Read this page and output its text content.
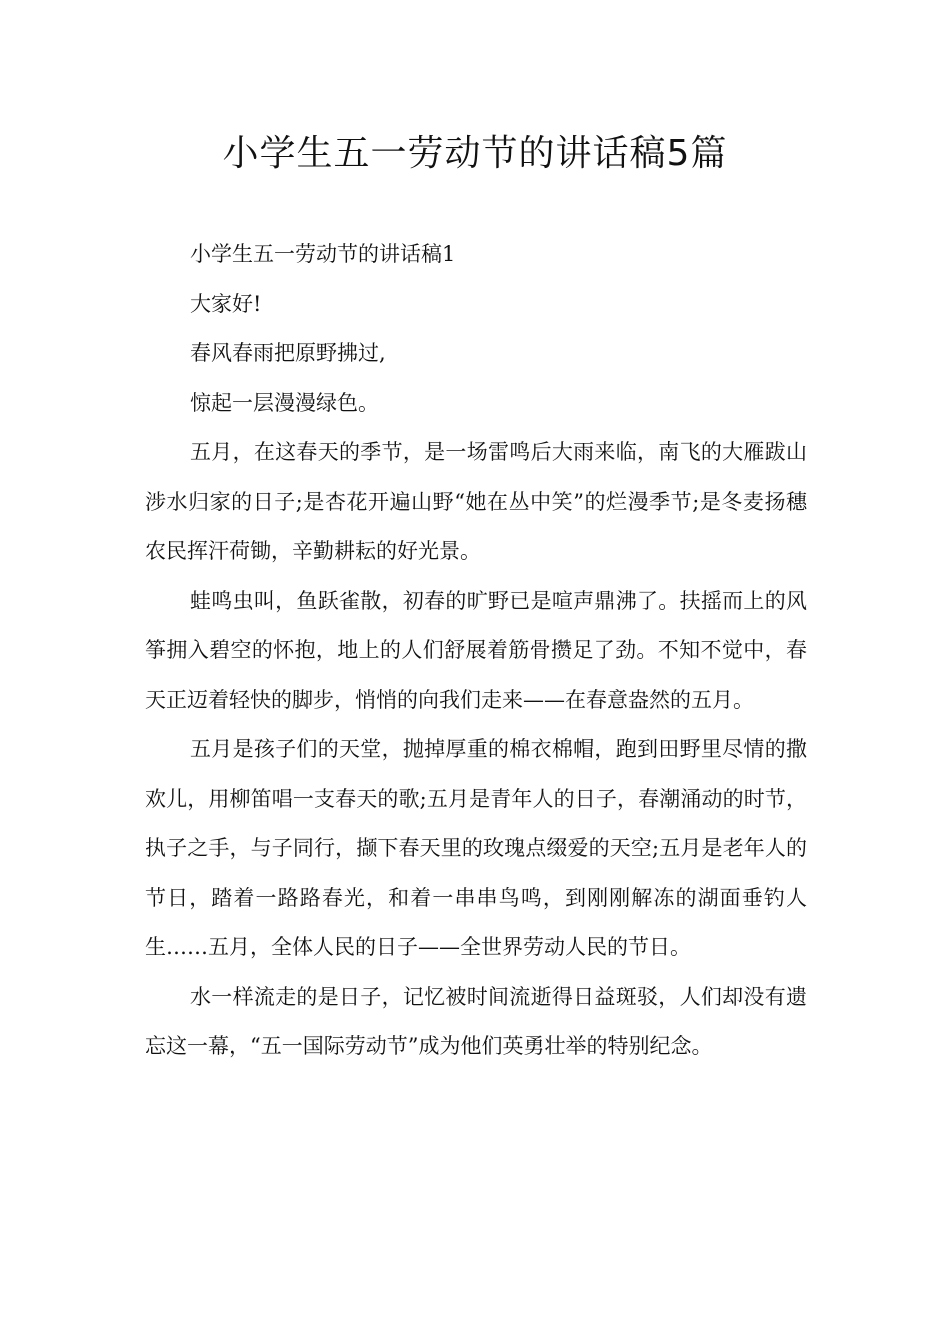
小学生五一劳动节的讲话稿5篇

小学生五一劳动节的讲话稿1

大家好!

春风春雨把原野拂过,

惊起一层漫漫绿色。

五月，在这春天的季节，是一场雷鸣后大雨来临，南飞的大雁跋山涉水归家的日子;是杏花开遍山野“她在丛中笑”的烂漫季节;是冬麦扬穗农民挥汗荷锄，辛勤耕耘的好光景。

蛙鸣虫叫，鱼跃雀散，初春的旷野已是喧声鼎沸了。扶摇而上的风筝拥入碧空的怀抱，地上的人们舒展着筋骨攒足了劲。不知不觉中，春天正迈着轻快的脚步，悄悄的向我们走来——在春意盎然的五月。

五月是孩子们的天堂，抛掉厚重的棉衣棉帽，跑到田野里尽情的撒欢儿，用柳笛唱一支春天的歌;五月是青年人的日子，春潮涌动的时节，执子之手，与子同行，撷下春天里的玫瑰点缀爱的天空;五月是老年人的节日，踏着一路路春光，和着一串串鸟鸣，到刚刚解冻的湖面垂钓人生……五月，全体人民的日子——全世界劳动人民的节日。

水一样流走的是日子，记忆被时间流逝得日益斑驳，人们却没有遗忘这一幕，“五一国际劳动节”成为他们英勇壮举的特别纪念。
